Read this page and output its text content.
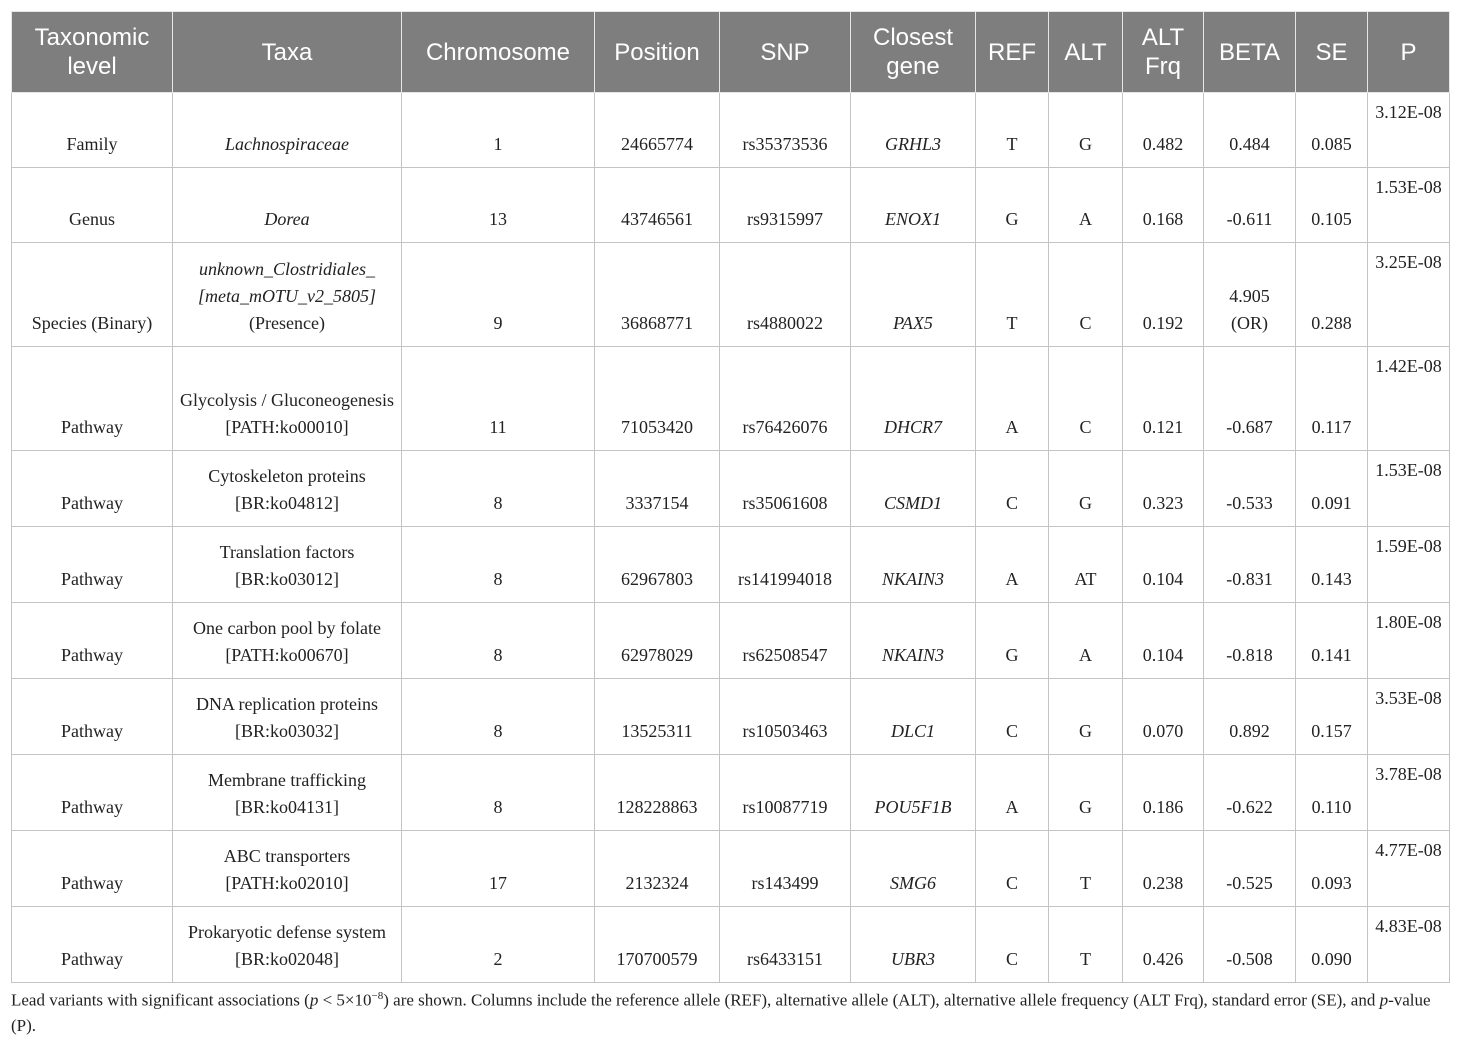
Taxonomic level	Taxa	Chromosome	Position	SNP	Closest gene	REF	ALT	ALT Frq	BETA	SE	P
Family	Lachnospiraceae	1	24665774	rs35373536	GRHL3	T	G	0.482	0.484	0.085	3.12E-08
Genus	Dorea	13	43746561	rs9315997	ENOX1	G	A	0.168	-0.611	0.105	1.53E-08
Species (Binary)	unknown_Clostridiales_ [meta_mOTU_v2_5805] (Presence)	9	36868771	rs4880022	PAX5	T	C	0.192	4.905 (OR)	0.288	3.25E-08
Pathway	Glycolysis / Gluconeogenesis [PATH:ko00010]	11	71053420	rs76426076	DHCR7	A	C	0.121	-0.687	0.117	1.42E-08
Pathway	Cytoskeleton proteins [BR:ko04812]	8	3337154	rs35061608	CSMD1	C	G	0.323	-0.533	0.091	1.53E-08
Pathway	Translation factors [BR:ko03012]	8	62967803	rs141994018	NKAIN3	A	AT	0.104	-0.831	0.143	1.59E-08
Pathway	One carbon pool by folate [PATH:ko00670]	8	62978029	rs62508547	NKAIN3	G	A	0.104	-0.818	0.141	1.80E-08
Pathway	DNA replication proteins [BR:ko03032]	8	13525311	rs10503463	DLC1	C	G	0.070	0.892	0.157	3.53E-08
Pathway	Membrane trafficking [BR:ko04131]	8	128228863	rs10087719	POU5F1B	A	G	0.186	-0.622	0.110	3.78E-08
Pathway	ABC transporters [PATH:ko02010]	17	2132324	rs143499	SMG6	C	T	0.238	-0.525	0.093	4.77E-08
Pathway	Prokaryotic defense system [BR:ko02048]	2	170700579	rs6433151	UBR3	C	T	0.426	-0.508	0.090	4.83E-08
Lead variants with significant associations $(p < 5\times 10^{-8})$ are shown. Columns include the reference allele (REF), alternative allele (ALT), alternative allele frequency (ALT Frq), standard error (SE), and p-value (P).
